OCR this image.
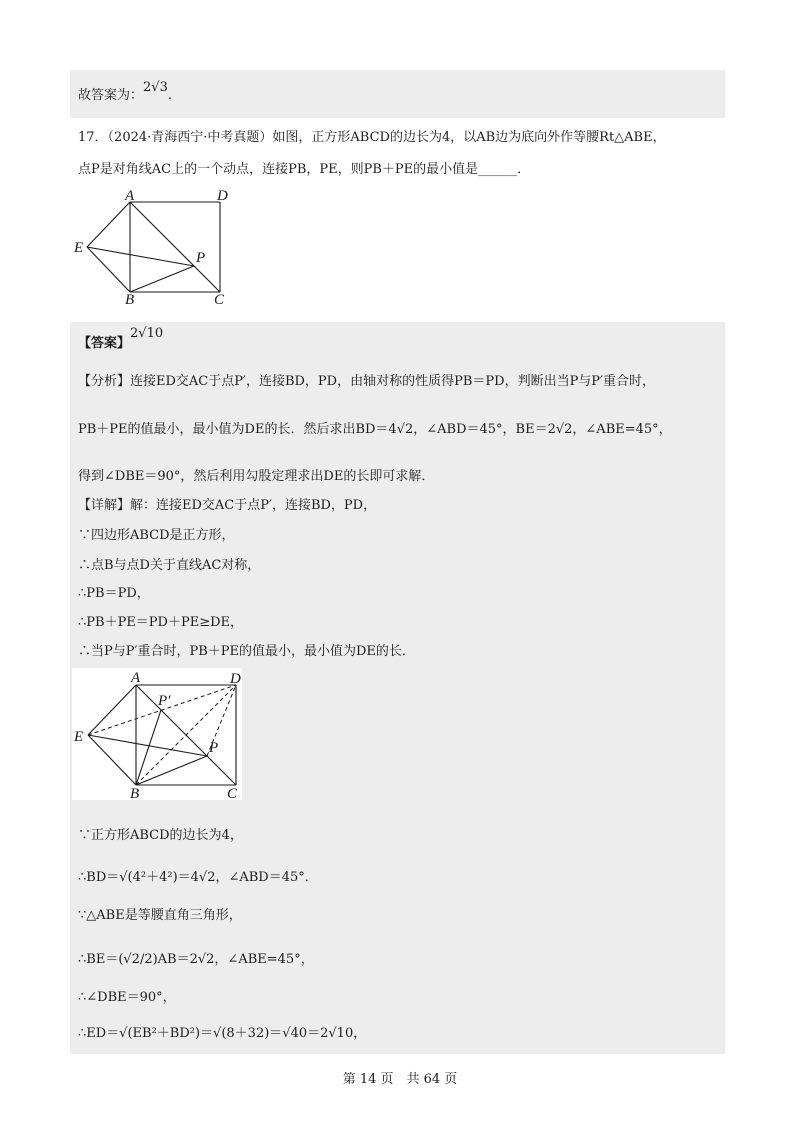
故答案为：2√3.
17．（2024·青海西宁·中考真题）如图，正方形ABCD的边长为4，以AB边为底向外作等腰Rt△ABE，
点P是对角线AC上的一个动点，连接PB，PE，则PB＋PE的最小值是______．
A	D
E
P
B	C
【答案】2√10
【分析】连接ED交AC于点P′，连接BD，PD，由轴对称的性质得PB＝PD，判断出当P与P′重合时，
PB＋PE的值最小，最小值为DE的长．然后求出BD＝4√2，∠ABD＝45°，BE＝2√2，∠ABE=45°，
得到∠DBE＝90°，然后利用勾股定理求出DE的长即可求解．
【详解】解：连接ED交AC于点P′，连接BD，PD，
∵四边形ABCD是正方形，
∴点B与点D关于直线AC对称，
∴PB＝PD，
∴PB＋PE＝PD＋PE≥DE，
∴当P与P′重合时，PB＋PE的值最小，最小值为DE的长．
A	D
P′
E
P
B	C
∵正方形ABCD的边长为4，
∴BD＝√(4²＋4²)＝4√2，∠ABD＝45°．
∵△ABE是等腰直角三角形，
∴BE＝(√2/2)AB＝2√2，∠ABE=45°，
∴∠DBE＝90°，
∴ED＝√(EB²＋BD²)＝√(8＋32)＝√40＝2√10，
第 14 页　共 64 页
